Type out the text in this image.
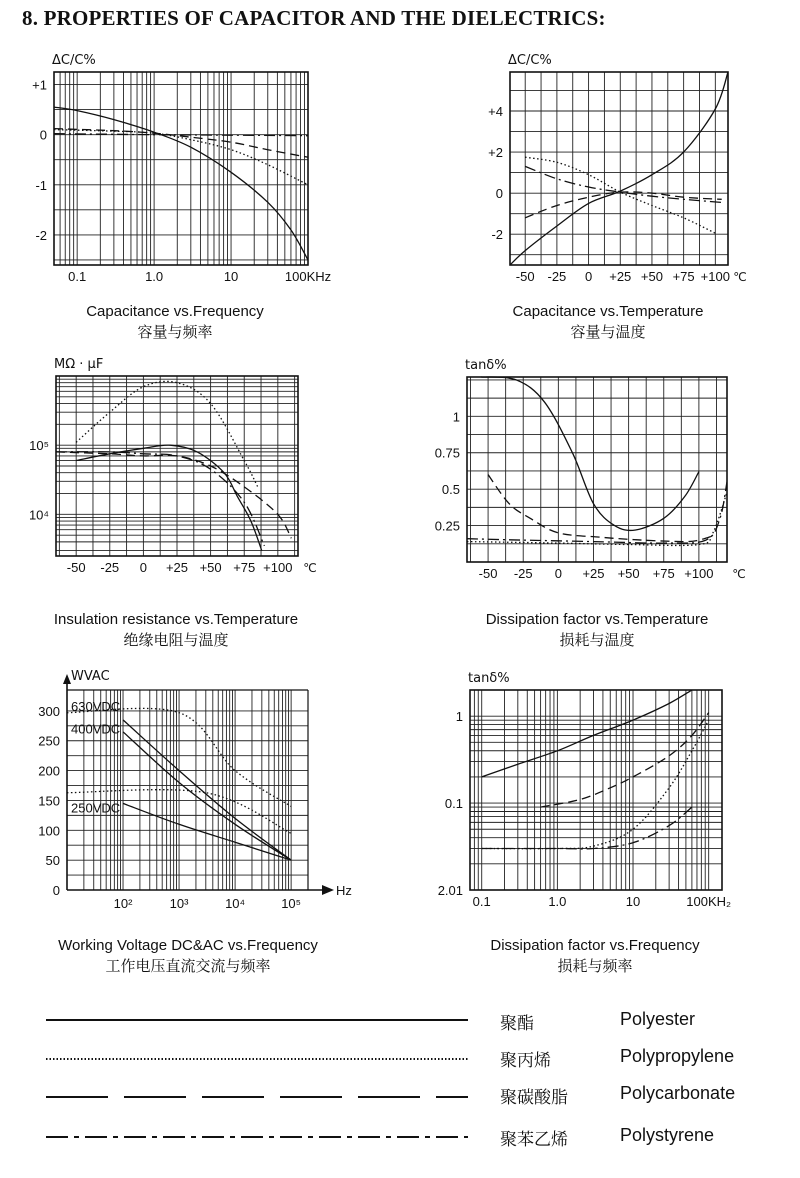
8. PROPERTIES OF CAPACITOR AND THE DIELECTRICS:
+1
0
-1
-2
0.1	1.0	10	100KHz
ΔC/C%
+4
+2
0
-2
-50 -25 0 +25 +50 +75 +100 ℃
ΔC/C%
10⁵
10⁴
-50 -25 0 +25 +50 +75 +100 ℃
MΩ · μF
1
0.75
0.5
0.25
-50 -25 0 +25 +50 +75 +100 ℃
tanδ%
300
250
200
150
100
50
0
10²	10³	10⁴	10⁵
WVAC
Hz
630VDC
400VDC
250VDC
1
0.1
2.01
0.1	1.0	10	100KH₂
tanδ%
Capacitance vs.Frequency
容量与频率
Capacitance vs.Temperature
容量与温度
Insulation resistance vs.Temperature
绝缘电阻与温度
Dissipation factor vs.Temperature
损耗与温度
Working Voltage DC&AC vs.Frequency
工作电压直流交流与频率
Dissipation factor vs.Frequency
损耗与频率
聚酯	Polyester
聚丙烯	Polypropylene
聚碳酸脂	Polycarbonate
聚苯乙烯	Polystyrene
